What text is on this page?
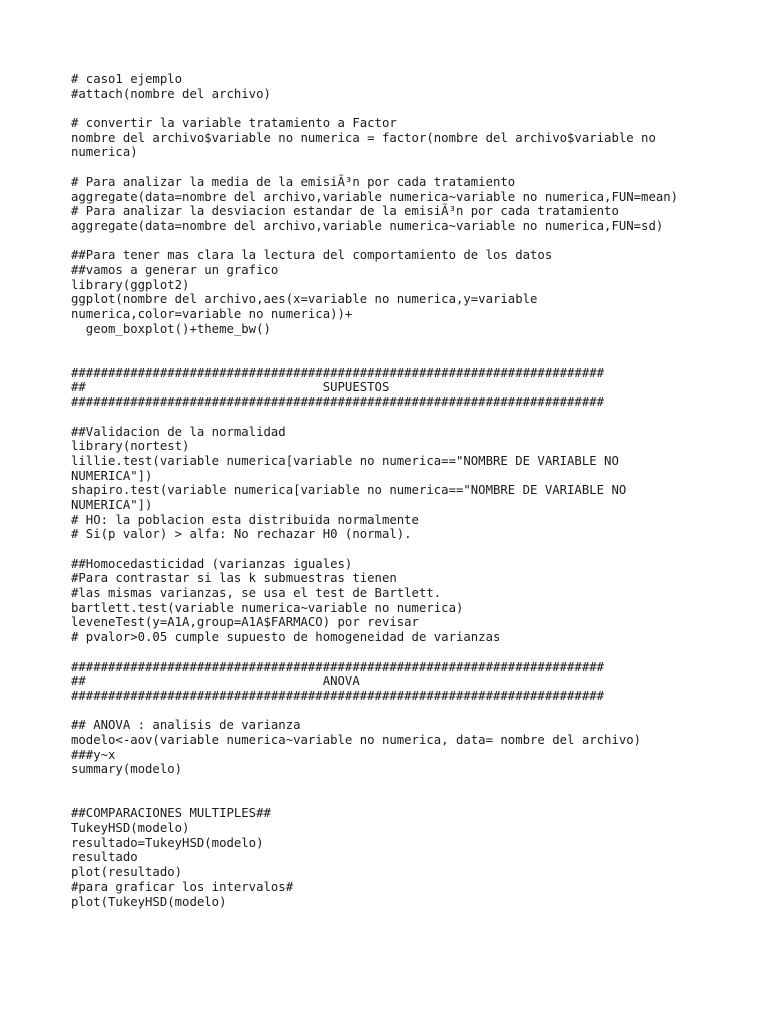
# caso1 ejemplo
#attach(nombre del archivo)
# convertir la variable tratamiento a Factor
nombre del archivo$variable no numerica = factor(nombre del archivo$variable no
numerica)
# Para analizar la media de la emisiÃ³n por cada tratamiento
aggregate(data=nombre del archivo,variable numerica~variable no numerica,FUN=mean)
# Para analizar la desviacion estandar de la emisiÃ³n por cada tratamiento
aggregate(data=nombre del archivo,variable numerica~variable no numerica,FUN=sd)
##Para tener mas clara la lectura del comportamiento de los datos
##vamos a generar un grafico
library(ggplot2)
ggplot(nombre del archivo,aes(x=variable no numerica,y=variable
numerica,color=variable no numerica))+
geom_boxplot()+theme_bw()
########################################################################
##                                SUPUESTOS
########################################################################
##Validacion de la normalidad
library(nortest)
lillie.test(variable numerica[variable no numerica=="NOMBRE DE VARIABLE NO
NUMERICA"])
shapiro.test(variable numerica[variable no numerica=="NOMBRE DE VARIABLE NO
NUMERICA"])
# HO: la poblacion esta distribuida normalmente
# Si(p valor) > alfa: No rechazar H0 (normal).
##Homocedasticidad (varianzas iguales)
#Para contrastar si las k submuestras tienen
#las mismas varianzas, se usa el test de Bartlett.
bartlett.test(variable numerica~variable no numerica)
leveneTest(y=A1A,group=A1A$FARMACO) por revisar
# pvalor>0.05 cumple supuesto de homogeneidad de varianzas
########################################################################
##                                ANOVA
########################################################################
## ANOVA : analisis de varianza
modelo<-aov(variable numerica~variable no numerica, data= nombre del archivo)
###y~x
summary(modelo)
##COMPARACIONES MULTIPLES##
TukeyHSD(modelo)
resultado=TukeyHSD(modelo)
resultado
plot(resultado)
#para graficar los intervalos#
plot(TukeyHSD(modelo)
